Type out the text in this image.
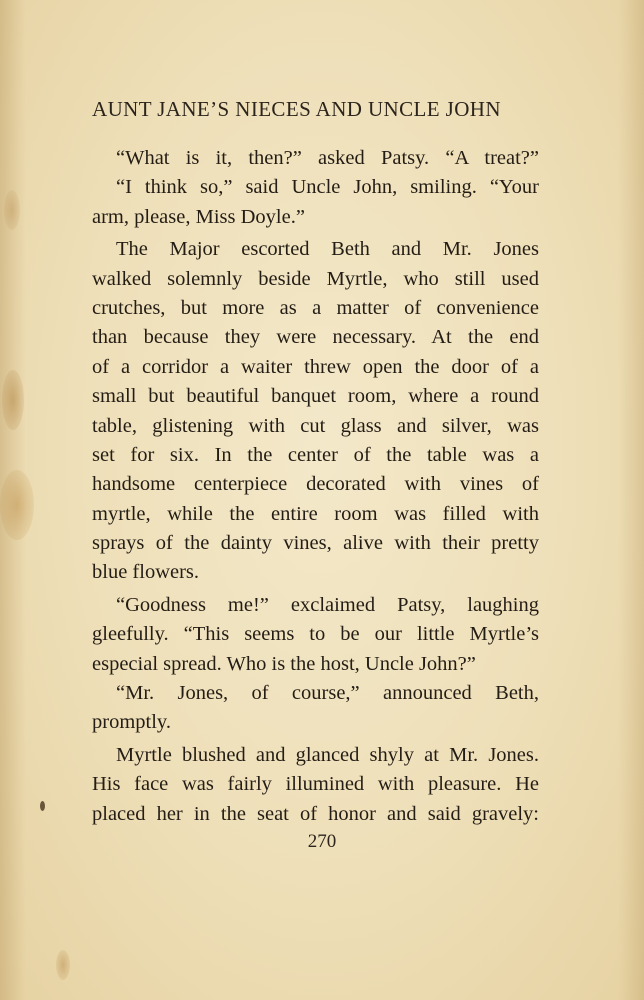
AUNT JANE’S NIECES AND UNCLE JOHN
“What is it, then?” asked Patsy. “A treat?”
“I think so,” said Uncle John, smiling. “Your
arm, please, Miss Doyle.”
The Major escorted Beth and Mr. Jones
walked solemnly beside Myrtle, who still used
crutches, but more as a matter of convenience
than because they were necessary. At the end
of a corridor a waiter threw open the door of a
small but beautiful banquet room, where a round
table, glistening with cut glass and silver, was
set for six. In the center of the table was a
handsome centerpiece decorated with vines of
myrtle, while the entire room was filled with
sprays of the dainty vines, alive with their pretty
blue flowers.
“Goodness me!” exclaimed Patsy, laughing
gleefully. “This seems to be our little Myrtle’s
especial spread. Who is the host, Uncle John?”
“Mr. Jones, of course,” announced Beth,
promptly.
Myrtle blushed and glanced shyly at Mr. Jones.
His face was fairly illumined with pleasure. He
placed her in the seat of honor and said gravely:
270
